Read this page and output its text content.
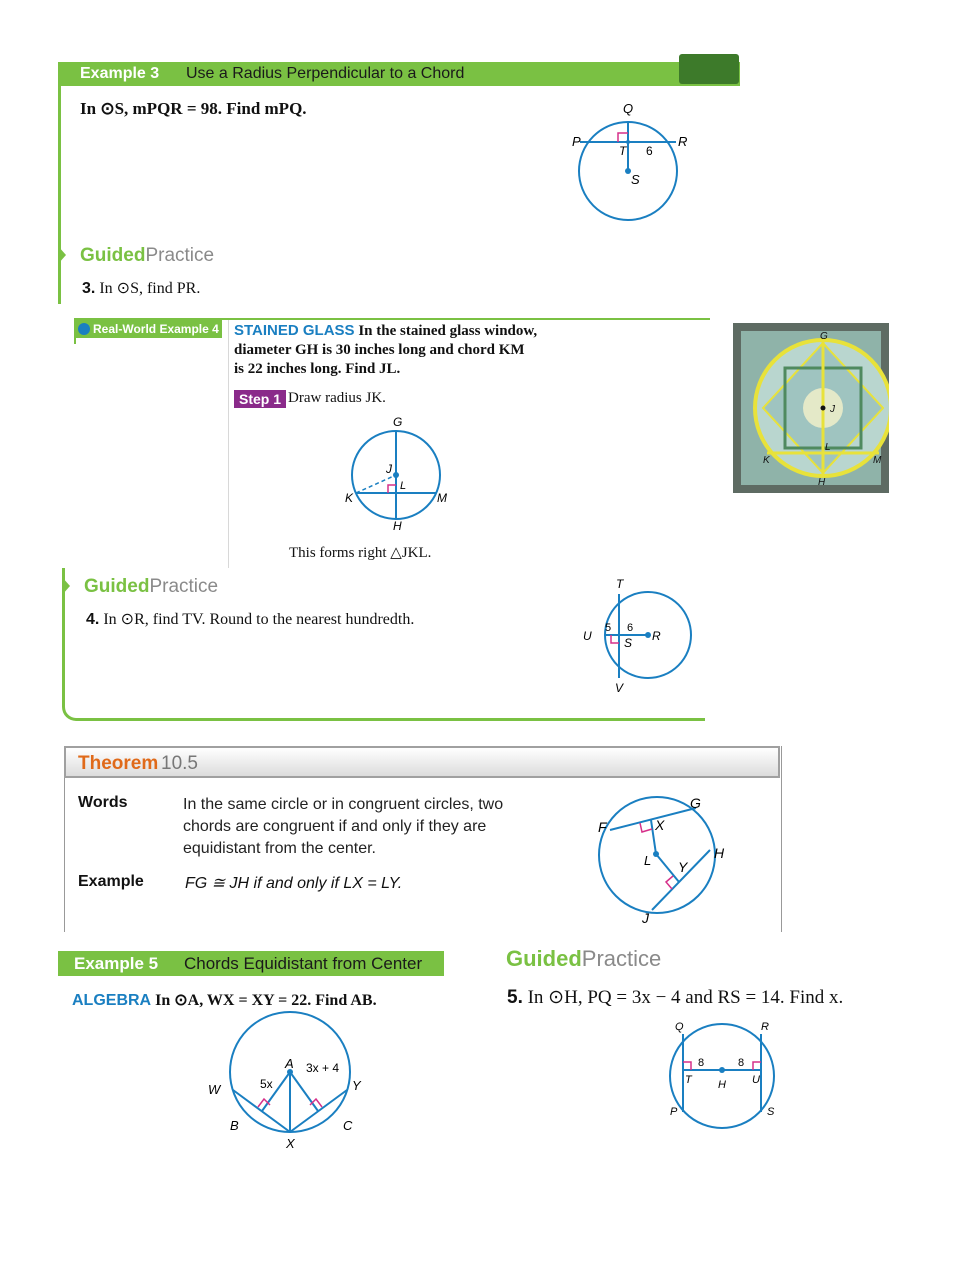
Example 3 Use a Radius Perpendicular to a Chord
In ⊙S, mPQR = 98. Find mPQ.	Q
P	R
T 6
S
GuidedPractice
3. In ⊙S, find PR.
Real-World Example 4 STAINED GLASS In the stained glass window,
diameter GH is 30 inches long and chord KM
is 22 inches long. Find JL.
Step 1 Draw radius JK.
G
J
L
K	M
H
This forms right △JKL.
G
J
L
K	M
H
GuidedPractice
4. In ⊙R, find TV. Round to the nearest hundredth.
T
U
5 6
S R
V
Theorem 10.5
Words	In the same circle or in congruent circles, two
chords are congruent if and only if they are
equidistant from the center.
Example	FG ≅ JH if and only if LX = LY.
G
F	X
L	H
Y
J
Example 5 Chords Equidistant from Center
ALGEBRA In ⊙A, WX = XY = 22. Find AB.
A 3x + 4
5x
W	Y
B	C
X
GuidedPractice
5. In ⊙H, PQ = 3x − 4 and RS = 14. Find x.
Q	R
8	8
T H U
P	S
